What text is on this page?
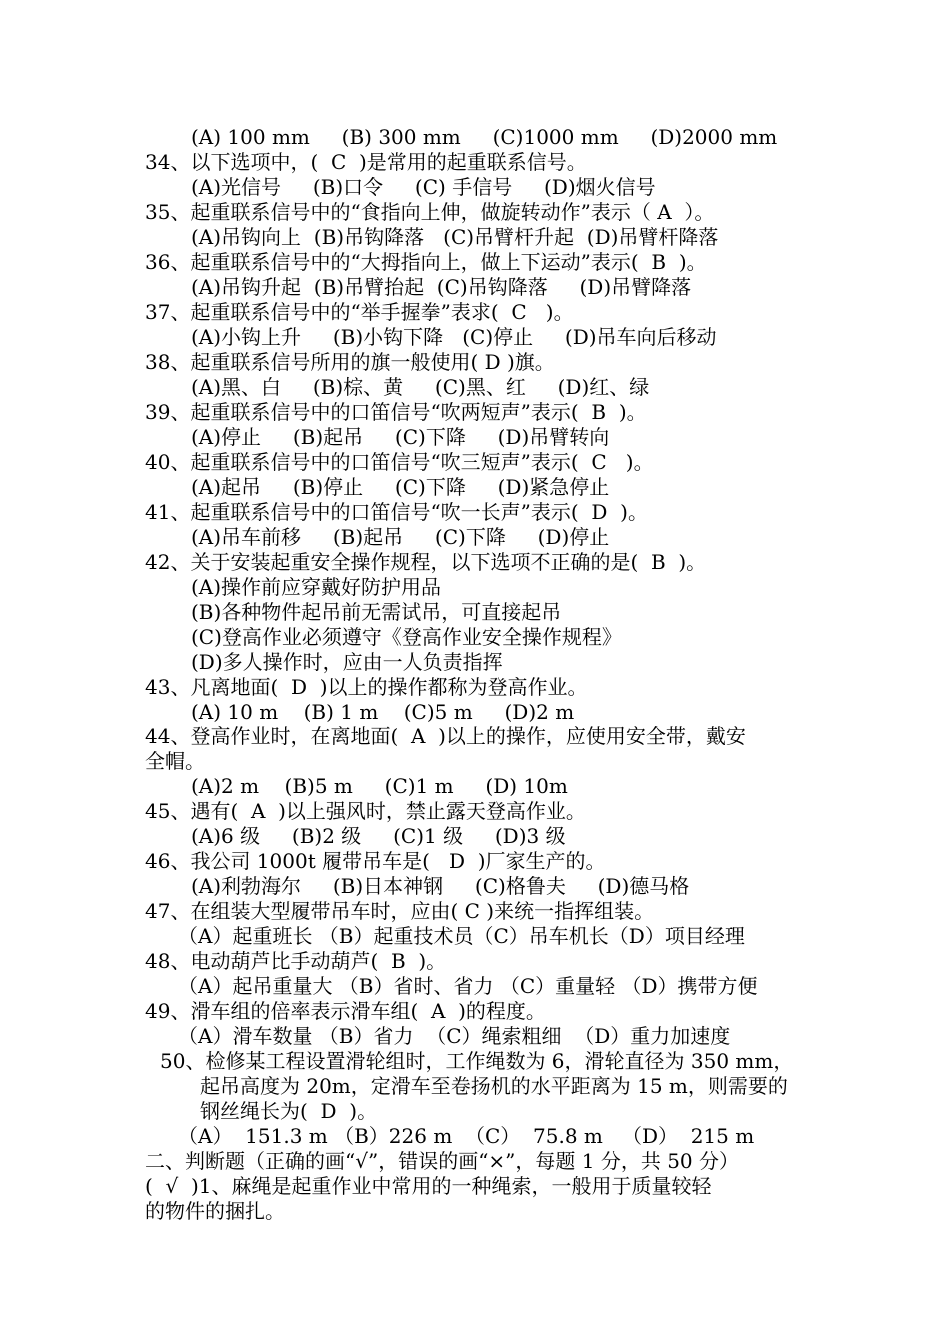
(A) 100 mm     (B) 300 mm     (C)1000 mm     (D)2000 mm
34、以下选项中，(  C  )是常用的起重联系信号。
(A)光信号     (B)口令     (C) 手信号     (D)烟火信号
35、起重联系信号中的“食指向上伸，做旋转动作”表示（ A  ）。
(A)吊钩向上  (B)吊钩降落   (C)吊臂杆升起  (D)吊臂杆降落
36、起重联系信号中的“大拇指向上，做上下运动”表示(  B  )。
(A)吊钩升起  (B)吊臂抬起  (C)吊钩降落     (D)吊臂降落
37、起重联系信号中的“举手握拳”表求(  C   )。
(A)小钩上升     (B)小钩下降   (C)停止     (D)吊车向后移动
38、起重联系信号所用的旗一般使用( D )旗。
(A)黑、白     (B)棕、黄     (C)黑、红     (D)红、绿
39、起重联系信号中的口笛信号“吹两短声”表示(  B  )。
(A)停止     (B)起吊     (C)下降     (D)吊臂转向
40、起重联系信号中的口笛信号“吹三短声”表示(  C   )。
(A)起吊     (B)停止     (C)下降     (D)紧急停止
41、起重联系信号中的口笛信号“吹一长声”表示(  D  )。
(A)吊车前移     (B)起吊     (C)下降     (D)停止
42、关于安装起重安全操作规程，以下选项不正确的是(  B  )。
(A)操作前应穿戴好防护用品
(B)各种物件起吊前无需试吊，可直接起吊
(C)登高作业必须遵守《登高作业安全操作规程》
(D)多人操作时，应由一人负责指挥
43、凡离地面(  D  )以上的操作都称为登高作业。
(A) 10 m    (B) 1 m    (C)5 m     (D)2 m
44、登高作业时，在离地面(  A  )以上的操作，应使用安全带，戴安
全帽。
(A)2 m    (B)5 m     (C)1 m     (D) 10m
45、遇有(  A  )以上强风时，禁止露天登高作业。
(A)6 级     (B)2 级     (C)1 级     (D)3 级
46、我公司 1000t 履带吊车是(   D  )厂家生产的。
(A)利勃海尔     (B)日本神钢     (C)格鲁夫     (D)德马格
47、在组装大型履带吊车时，应由( C )来统一指挥组装。
（A）起重班长 （B）起重技术员（C）吊车机长（D）项目经理
48、电动葫芦比手动葫芦(  B  )。
（A）起吊重量大 （B）省时、省力 （C）重量轻 （D）携带方便
49、滑车组的倍率表示滑车组(  A  )的程度。
（A）滑车数量 （B）省力  （C）绳索粗细  （D）重力加速度
50、检修某工程设置滑轮组时，工作绳数为 6，滑轮直径为 350 mm，
起吊高度为 20m，定滑车至卷扬机的水平距离为 15 m，则需要的
钢丝绳长为(  D  )。
（A）  151.3 m （B）226 m  （C）  75.8 m   （D）  215 m
二、判断题（正确的画“√”，错误的画“×”，每题 1 分，共 50 分）
(  √  )1、麻绳是起重作业中常用的一种绳索，一般用于质量较轻
的物件的捆扎。
